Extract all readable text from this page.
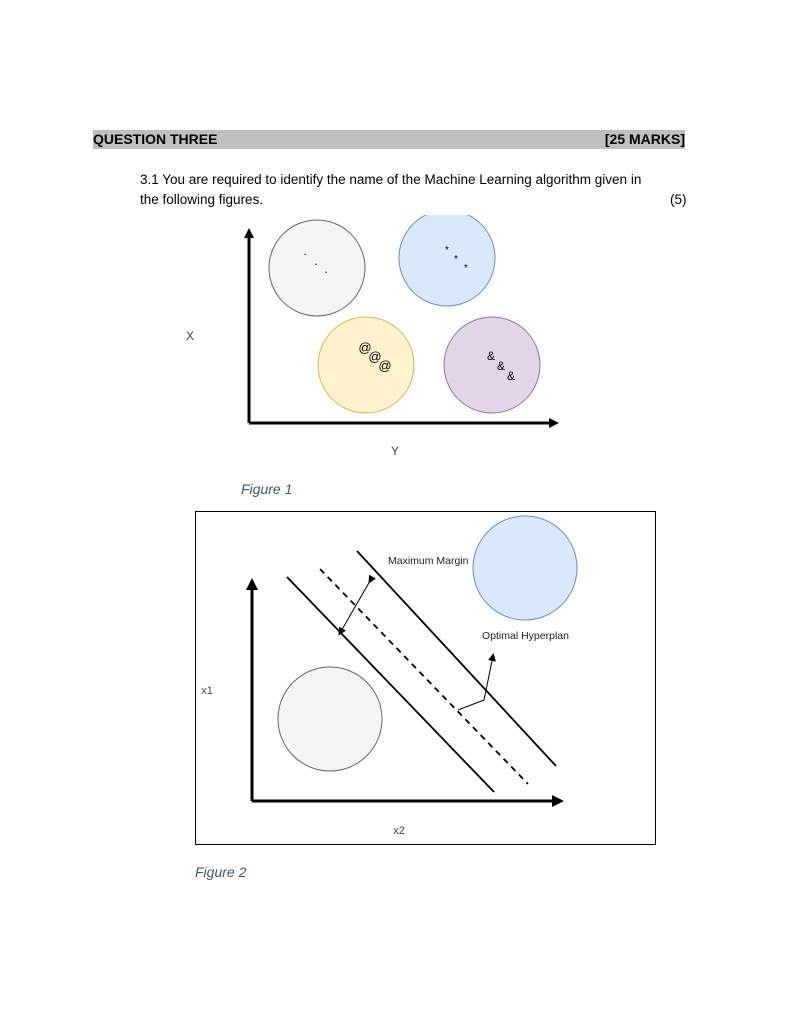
QUESTION THREE	[25 MARKS]
3.1 You are required to identify the name of the Machine Learning algorithm given in the following figures.	(5)
.
.
.
*
*
*
@
@
@
&
&
&
X
Y
Figure 1
Maximum Margin
Optimal Hyperplan
x1
x2
Figure 2
